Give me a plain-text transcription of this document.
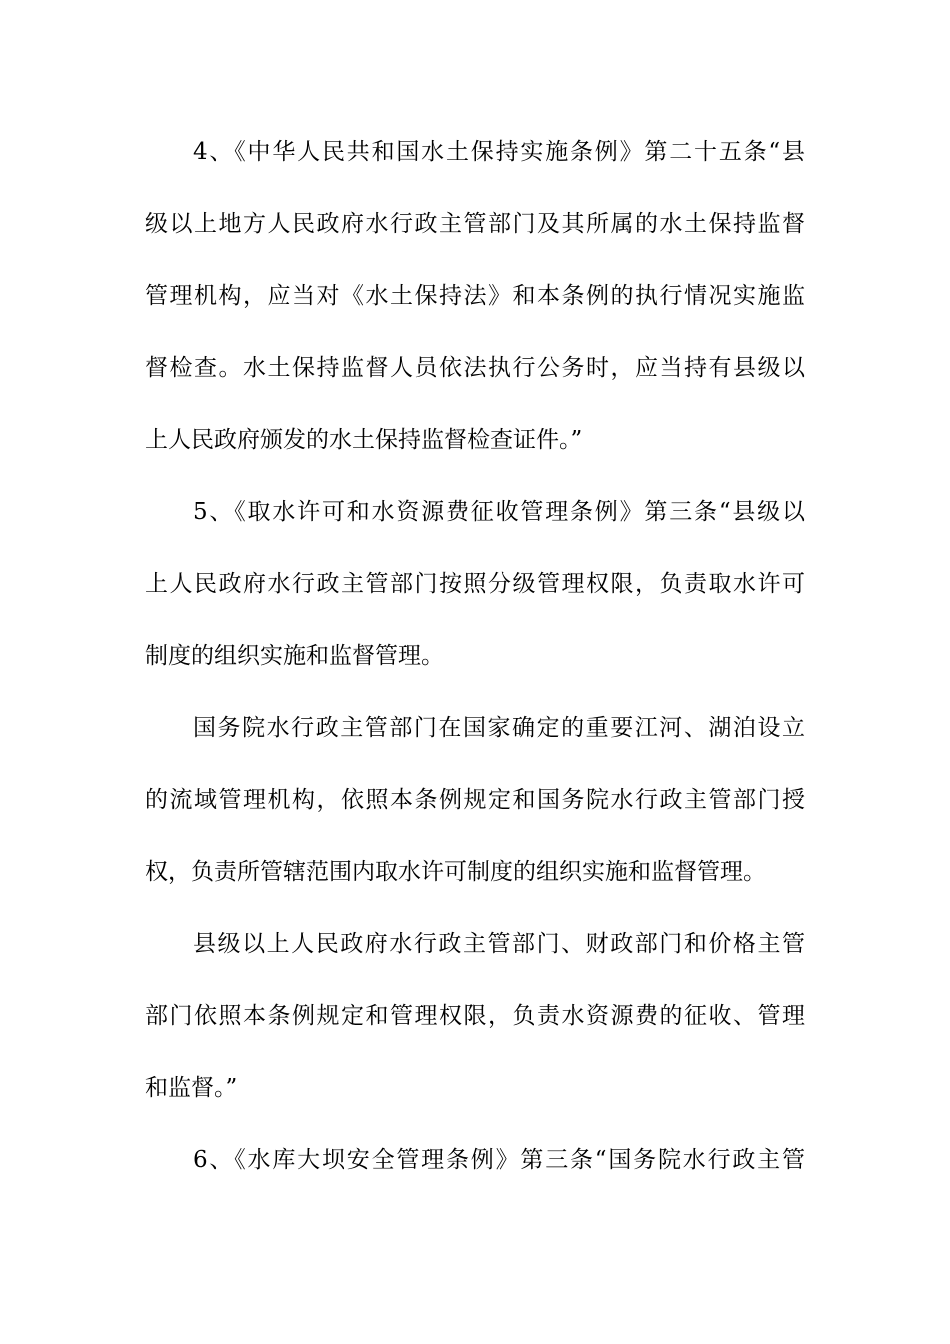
4、《中华人民共和国水土保持实施条例》第二十五条“县
级以上地方人民政府水行政主管部门及其所属的水土保持监督
管理机构，应当对《水土保持法》和本条例的执行情况实施监
督检查。水土保持监督人员依法执行公务时，应当持有县级以
上人民政府颁发的水土保持监督检查证件。”
5、《取水许可和水资源费征收管理条例》第三条“县级以
上人民政府水行政主管部门按照分级管理权限，负责取水许可
制度的组织实施和监督管理。
国务院水行政主管部门在国家确定的重要江河、湖泊设立
的流域管理机构，依照本条例规定和国务院水行政主管部门授
权，负责所管辖范围内取水许可制度的组织实施和监督管理。
县级以上人民政府水行政主管部门、财政部门和价格主管
部门依照本条例规定和管理权限，负责水资源费的征收、管理
和监督。”
6、《水库大坝安全管理条例》第三条“国务院水行政主管
